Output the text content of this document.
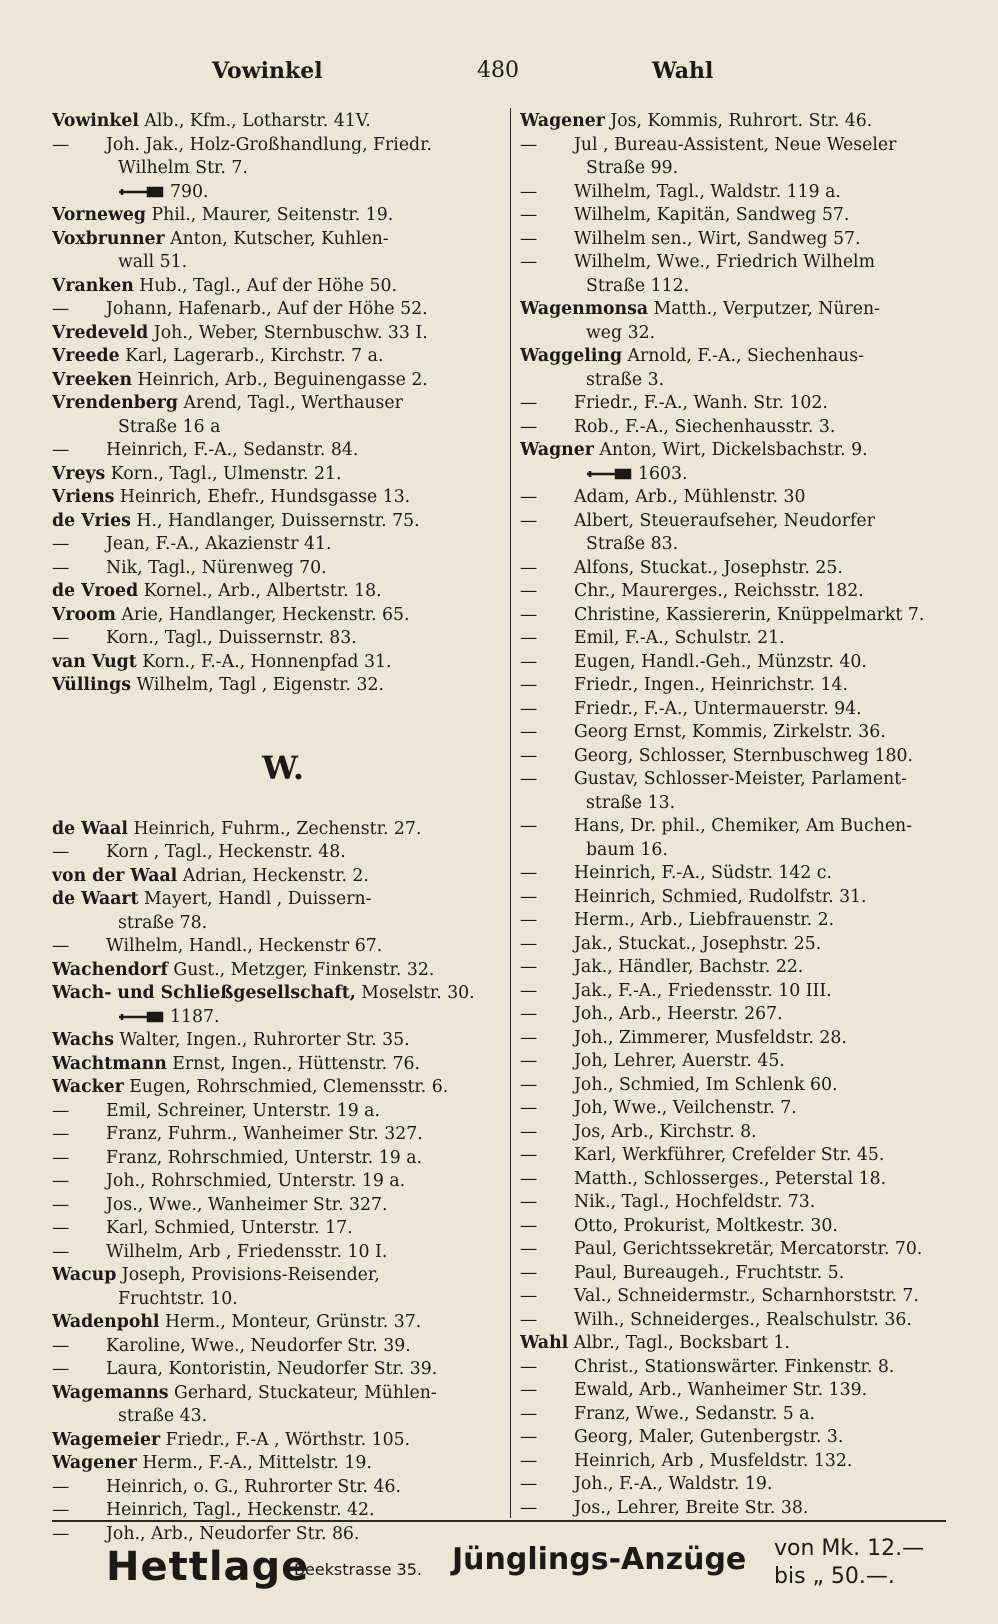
Vowinkel	480	Wahl
Vowinkel Alb., Kfm., Lotharstr. 41V.
— Joh. Jak., Holz-Großhandlung, Friedr.
Wilhelm Str. 7.
790.
Vorneweg Phil., Maurer, Seitenstr. 19.
Voxbrunner Anton, Kutscher, Kuhlen-
wall 51.
Vranken Hub., Tagl., Auf der Höhe 50.
— Johann, Hafenarb., Auf der Höhe 52.
Vredeveld Joh., Weber, Sternbuschw. 33 I.
Vreede Karl, Lagerarb., Kirchstr. 7 a.
Vreeken Heinrich, Arb., Beguinengasse 2.
Vrendenberg Arend, Tagl., Werthauser
Straße 16 a
— Heinrich, F.-A., Sedanstr. 84.
Vreys Korn., Tagl., Ulmenstr. 21.
Vriens Heinrich, Ehefr., Hundsgasse 13.
de Vries H., Handlanger, Duissernstr. 75.
— Jean, F.-A., Akazienstr 41.
— Nik, Tagl., Nürenweg 70.
de Vroed Kornel., Arb., Albertstr. 18.
Vroom Arie, Handlanger, Heckenstr. 65.
— Korn., Tagl., Duissernstr. 83.
van Vugt Korn., F.-A., Honnenpfad 31.
Vüllings Wilhelm, Tagl , Eigenstr. 32.
W.
de Waal Heinrich, Fuhrm., Zechenstr. 27.
— Korn , Tagl., Heckenstr. 48.
von der Waal Adrian, Heckenstr. 2.
de Waart Mayert, Handl , Duissern-
straße 78.
— Wilhelm, Handl., Heckenstr 67.
Wachendorf Gust., Metzger, Finkenstr. 32.
Wach- und Schließgesellschaft, Moselstr. 30.
1187.
Wachs Walter, Ingen., Ruhrorter Str. 35.
Wachtmann Ernst, Ingen., Hüttenstr. 76.
Wacker Eugen, Rohrschmied, Clemensstr. 6.
— Emil, Schreiner, Unterstr. 19 a.
— Franz, Fuhrm., Wanheimer Str. 327.
— Franz, Rohrschmied, Unterstr. 19 a.
— Joh., Rohrschmied, Unterstr. 19 a.
— Jos., Wwe., Wanheimer Str. 327.
— Karl, Schmied, Unterstr. 17.
— Wilhelm, Arb , Friedensstr. 10 I.
Wacup Joseph, Provisions-Reisender,
Fruchtstr. 10.
Wadenpohl Herm., Monteur, Grünstr. 37.
— Karoline, Wwe., Neudorfer Str. 39.
— Laura, Kontoristin, Neudorfer Str. 39.
Wagemanns Gerhard, Stuckateur, Mühlen-
straße 43.
Wagemeier Friedr., F.-A , Wörthstr. 105.
Wagener Herm., F.-A., Mittelstr. 19.
— Heinrich, o. G., Ruhrorter Str. 46.
— Heinrich, Tagl., Heckenstr. 42.
— Joh., Arb., Neudorfer Str. 86.
Wagener Jos, Kommis, Ruhrort. Str. 46.
— Jul , Bureau-Assistent, Neue Weseler
Straße 99.
— Wilhelm, Tagl., Waldstr. 119 a.
— Wilhelm, Kapitän, Sandweg 57.
— Wilhelm sen., Wirt, Sandweg 57.
— Wilhelm, Wwe., Friedrich Wilhelm
Straße 112.
Wagenmonsa Matth., Verputzer, Nüren-
weg 32.
Waggeling Arnold, F.-A., Siechenhaus-
straße 3.
— Friedr., F.-A., Wanh. Str. 102.
— Rob., F.-A., Siechenhausstr. 3.
Wagner Anton, Wirt, Dickelsbachstr. 9.
1603.
— Adam, Arb., Mühlenstr. 30
— Albert, Steueraufseher, Neudorfer
Straße 83.
— Alfons, Stuckat., Josephstr. 25.
— Chr., Maurerges., Reichsstr. 182.
— Christine, Kassiererin, Knüppelmarkt 7.
— Emil, F.-A., Schulstr. 21.
— Eugen, Handl.-Geh., Münzstr. 40.
— Friedr., Ingen., Heinrichstr. 14.
— Friedr., F.-A., Untermauerstr. 94.
— Georg Ernst, Kommis, Zirkelstr. 36.
— Georg, Schlosser, Sternbuschweg 180.
— Gustav, Schlosser-Meister, Parlament-
straße 13.
— Hans, Dr. phil., Chemiker, Am Buchen-
baum 16.
— Heinrich, F.-A., Südstr. 142 c.
— Heinrich, Schmied, Rudolfstr. 31.
— Herm., Arb., Liebfrauenstr. 2.
— Jak., Stuckat., Josephstr. 25.
— Jak., Händler, Bachstr. 22.
— Jak., F.-A., Friedensstr. 10 III.
— Joh., Arb., Heerstr. 267.
— Joh., Zimmerer, Musfeldstr. 28.
— Joh, Lehrer, Auerstr. 45.
— Joh., Schmied, Im Schlenk 60.
— Joh, Wwe., Veilchenstr. 7.
— Jos, Arb., Kirchstr. 8.
— Karl, Werkführer, Crefelder Str. 45.
— Matth., Schlosserges., Peterstal 18.
— Nik., Tagl., Hochfeldstr. 73.
— Otto, Prokurist, Moltkestr. 30.
— Paul, Gerichtssekretär, Mercatorstr. 70.
— Paul, Bureaugeh., Fruchtstr. 5.
— Val., Schneidermstr., Scharnhorststr. 7.
— Wilh., Schneiderges., Realschulstr. 36.
Wahl Albr., Tagl., Bocksbart 1.
— Christ., Stationswärter. Finkenstr. 8.
— Ewald, Arb., Wanheimer Str. 139.
— Franz, Wwe., Sedanstr. 5 a.
— Georg, Maler, Gutenbergstr. 3.
— Heinrich, Arb , Musfeldstr. 132.
— Joh., F.-A., Waldstr. 19.
— Jos., Lehrer, Breite Str. 38.
Hettlage
Beekstrasse 35. Jünglings-Anzüge von Mk. 12.—
bis „ 50.—.
